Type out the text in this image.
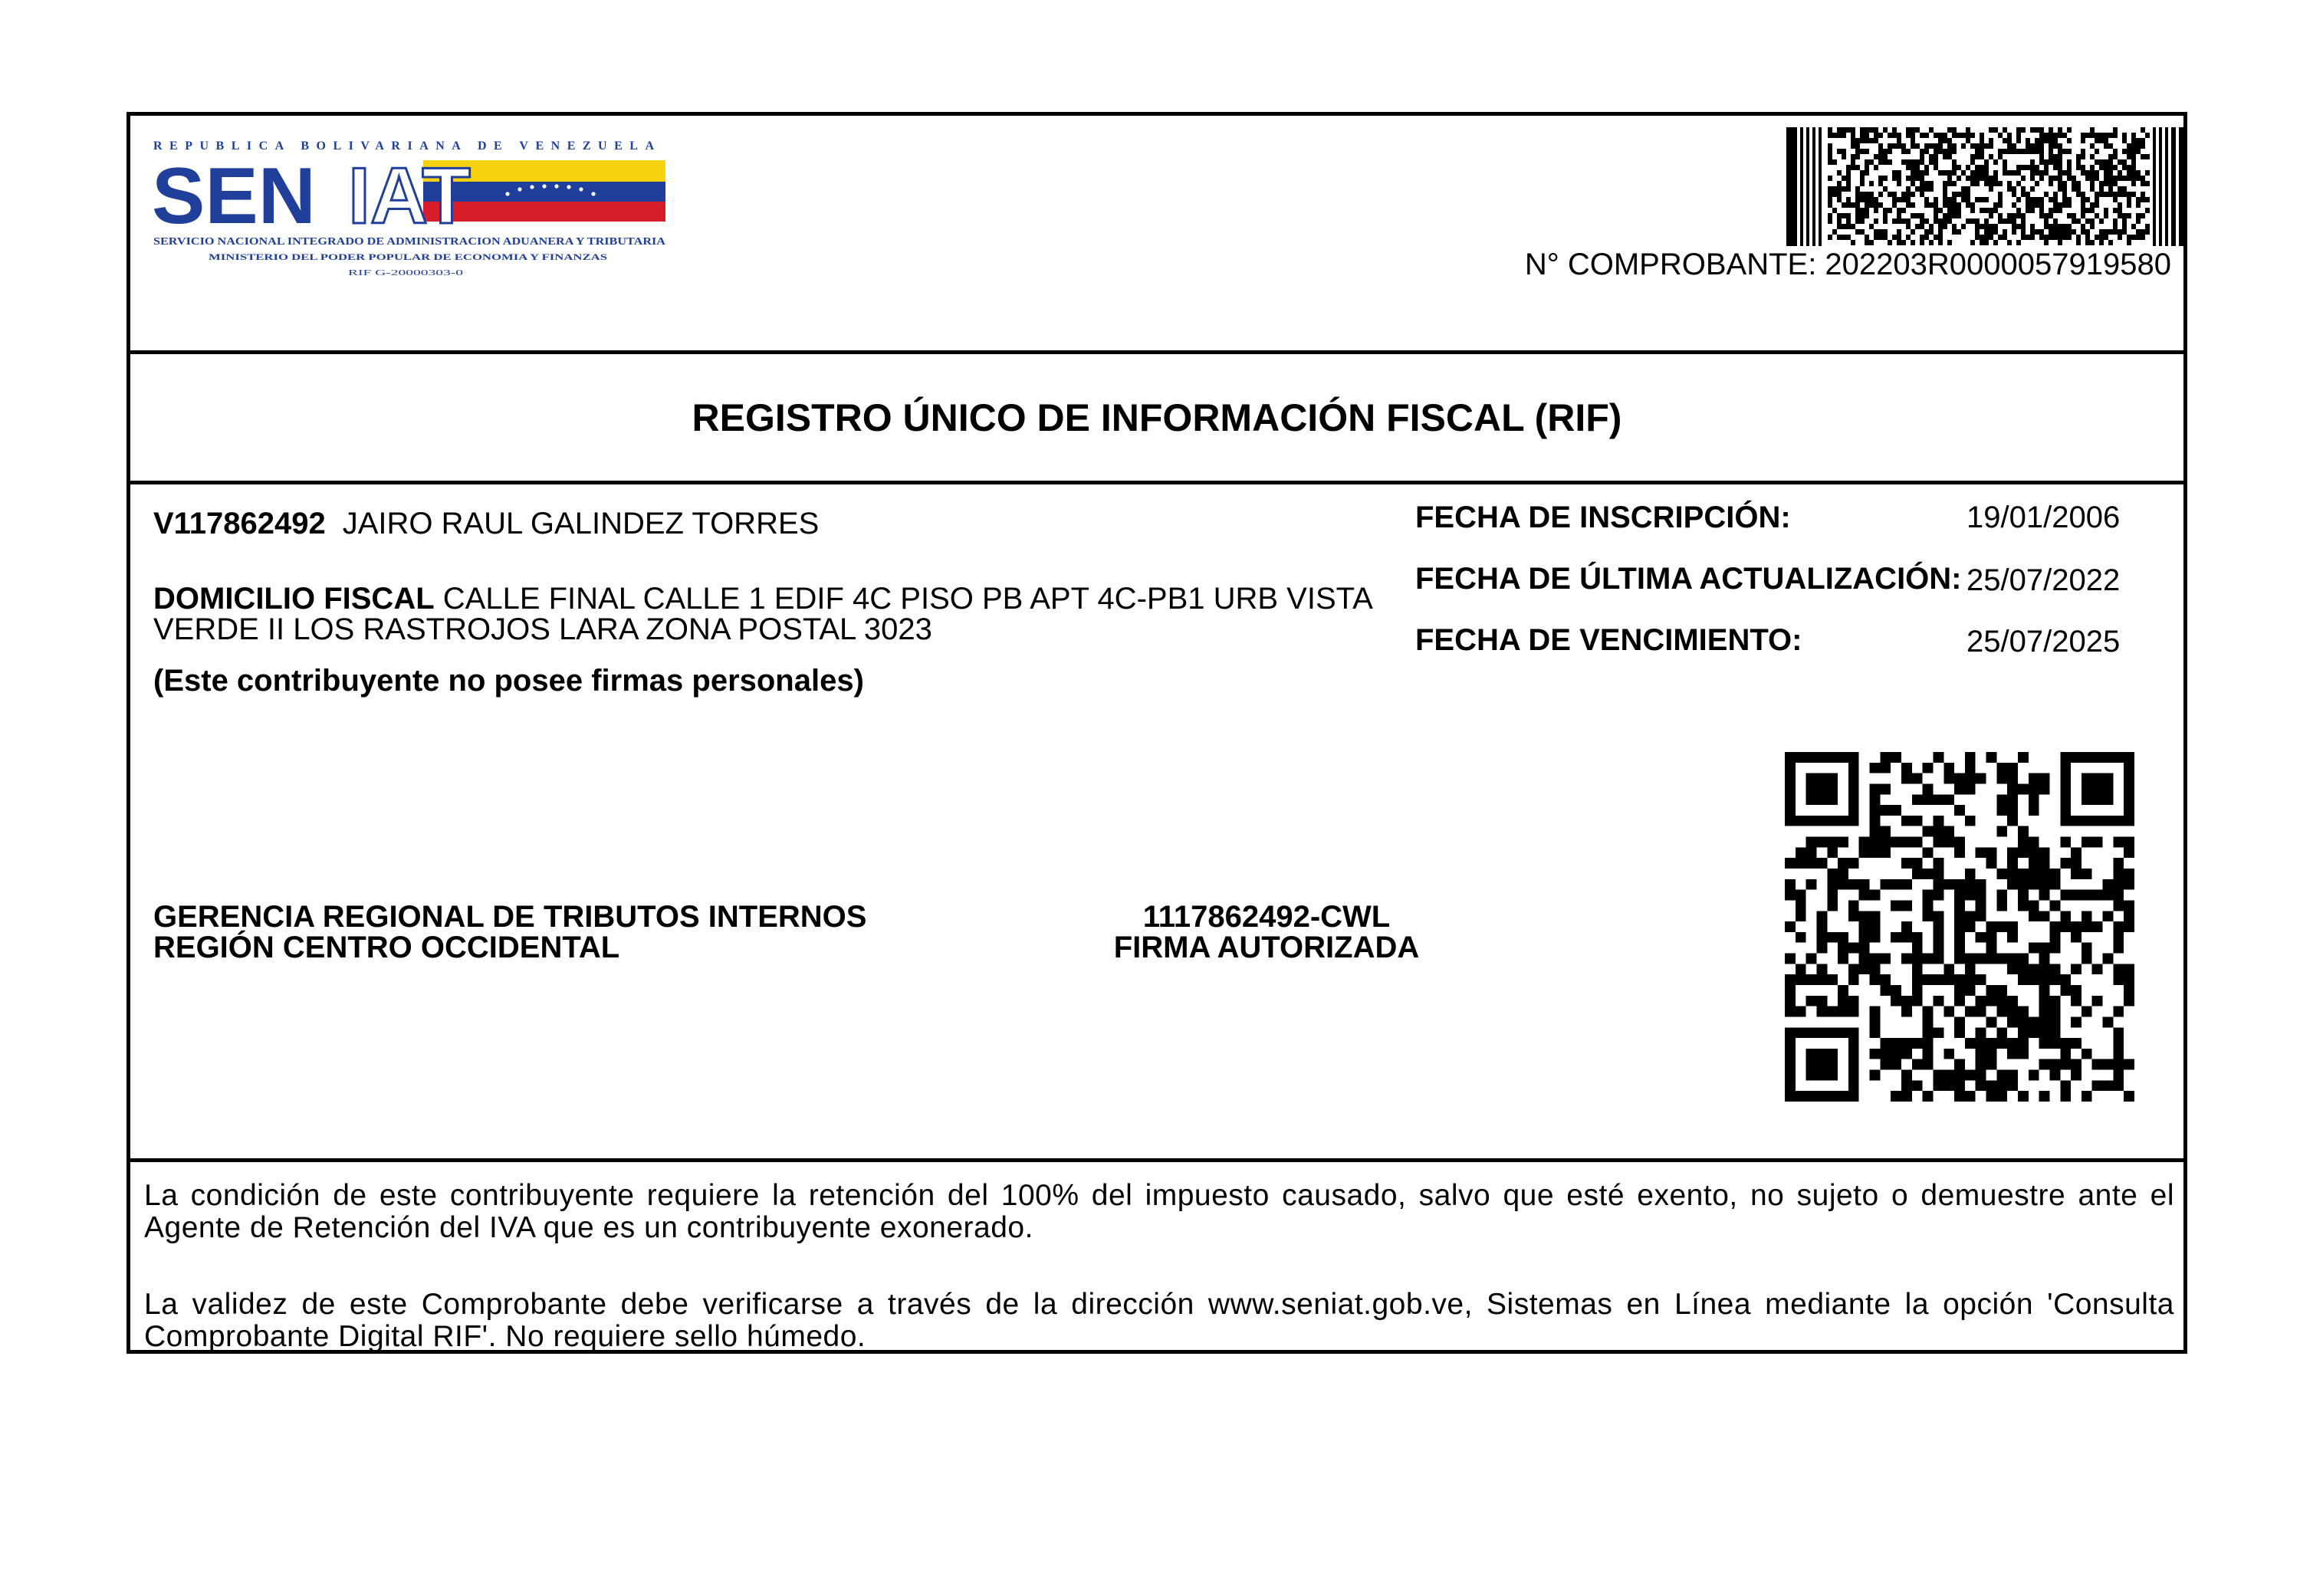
REPUBLICA BOLIVARIANA DE VENEZUELA
SEN IAT
SERVICIO NACIONAL INTEGRADO DE ADMINISTRACION ADUANERA Y TRIBUTARIA
MINISTERIO DEL PODER POPULAR DE ECONOMIA Y FINANZAS
RIF G-20000303-0	N° COMPROBANTE: 202203R0000057919580
REGISTRO ÚNICO DE INFORMACIÓN FISCAL (RIF)
V117862492 JAIRO RAUL GALINDEZ TORRES
DOMICILIO FISCAL CALLE FINAL CALLE 1 EDIF 4C PISO PB APT 4C-PB1 URB VISTA VERDE II LOS RASTROJOS LARA ZONA POSTAL 3023
(Este contribuyente no posee firmas personales)
FECHA DE INSCRIPCIÓN:	19/01/2006
FECHA DE ÚLTIMA ACTUALIZACIÓN: 25/07/2022
FECHA DE VENCIMIENTO:	25/07/2025
GERENCIA REGIONAL DE TRIBUTOS INTERNOS
REGIÓN CENTRO OCCIDENTAL
1117862492-CWL
FIRMA AUTORIZADA
La condición de este contribuyente requiere la retención del 100% del impuesto causado, salvo que esté exento, no sujeto o demuestre ante el Agente de Retención del IVA que es un contribuyente exonerado.
La validez de este Comprobante debe verificarse a través de la dirección www.seniat.gob.ve, Sistemas en Línea mediante la opción 'Consulta Comprobante Digital RIF'. No requiere sello húmedo.
